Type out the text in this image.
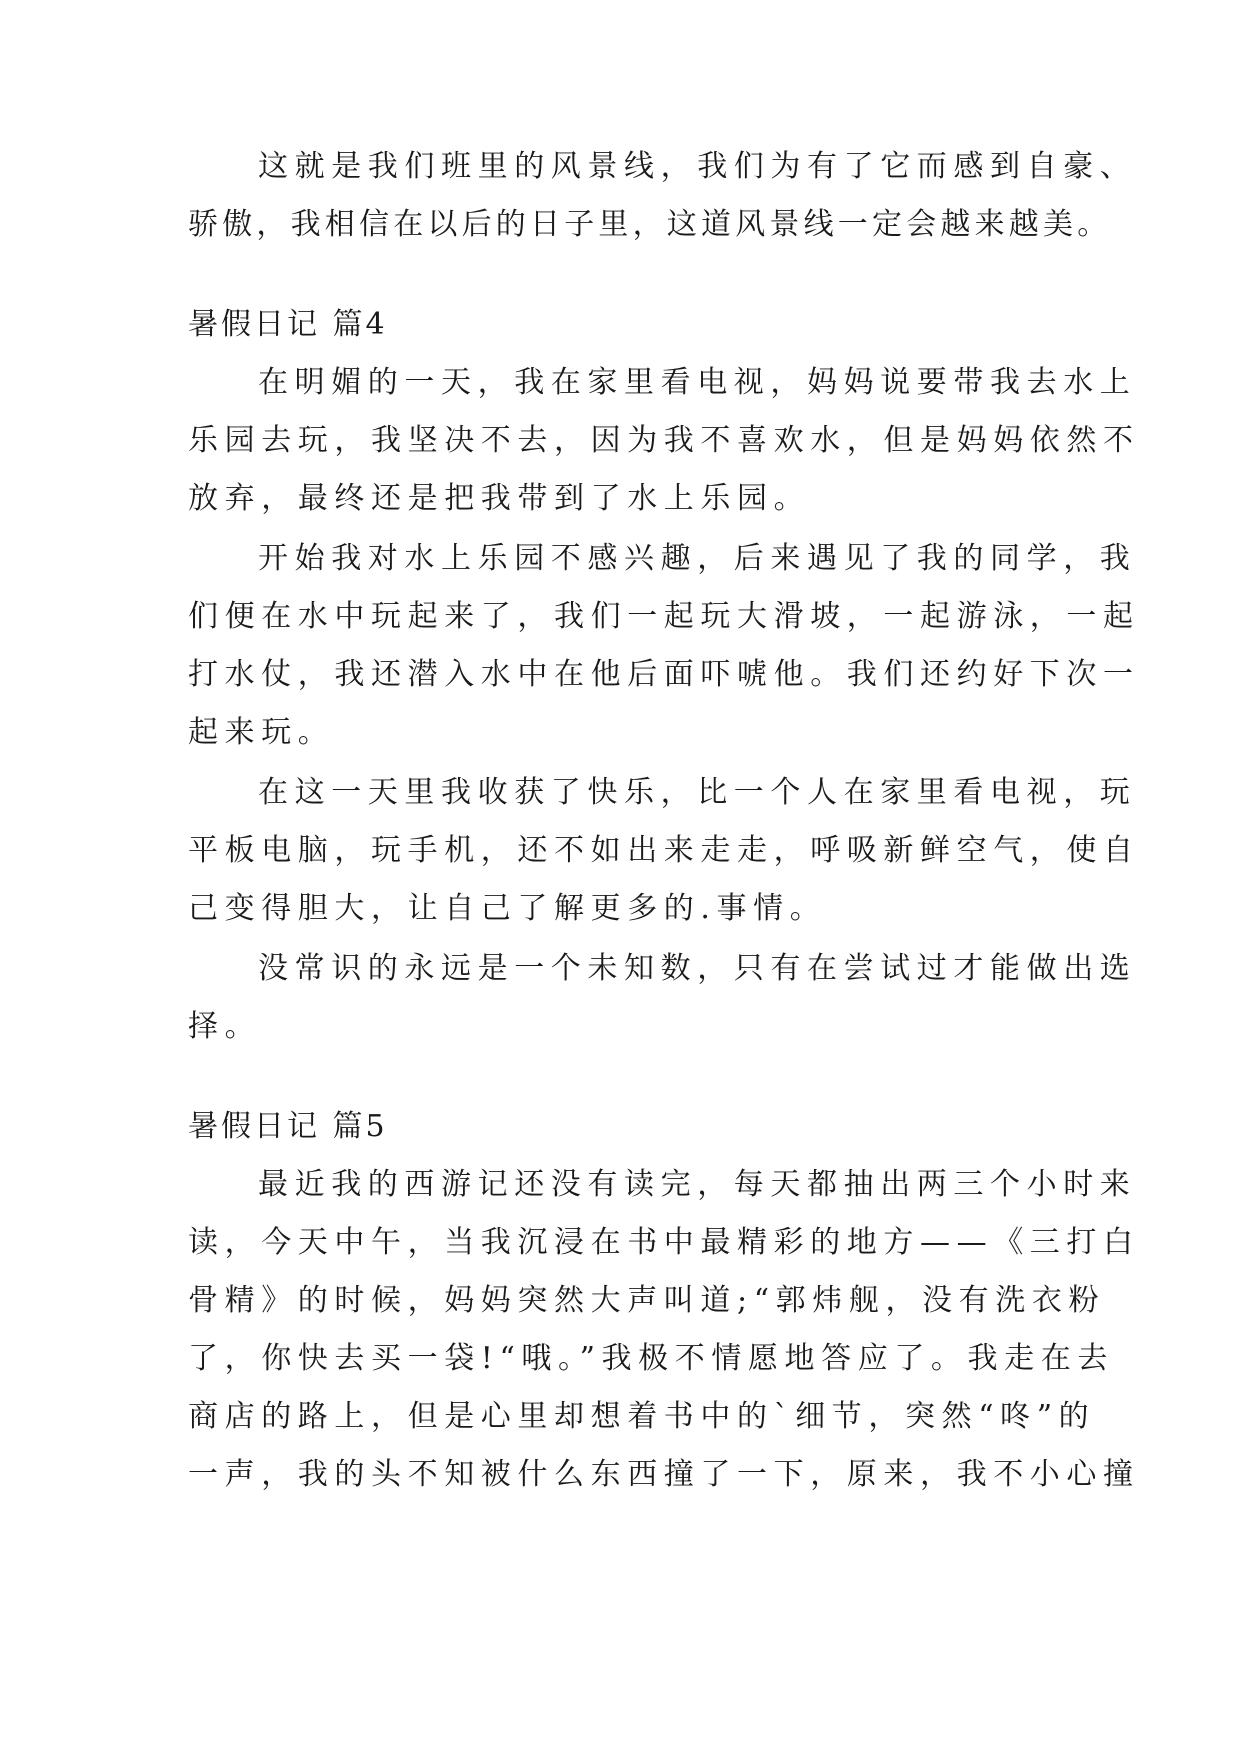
这就是我们班里的风景线，我们为有了它而感到自豪、
骄傲，我相信在以后的日子里，这道风景线一定会越来越美。
暑假日记 篇4
在明媚的一天，我在家里看电视，妈妈说要带我去水上
乐园去玩，我坚决不去，因为我不喜欢水，但是妈妈依然不
放弃，最终还是把我带到了水上乐园。
开始我对水上乐园不感兴趣，后来遇见了我的同学，我
们便在水中玩起来了，我们一起玩大滑坡，一起游泳，一起
打水仗，我还潜入水中在他后面吓唬他。我们还约好下次一
起来玩。
在这一天里我收获了快乐，比一个人在家里看电视，玩
平板电脑，玩手机，还不如出来走走，呼吸新鲜空气，使自
己变得胆大，让自己了解更多的.事情。
没常识的永远是一个未知数，只有在尝试过才能做出选
择。
暑假日记 篇5
最近我的西游记还没有读完，每天都抽出两三个小时来
读，今天中午，当我沉浸在书中最精彩的地方——《三打白
骨精》的时候，妈妈突然大声叫道;“郭炜舰，没有洗衣粉
了，你快去买一袋!“哦。”我极不情愿地答应了。我走在去
商店的路上，但是心里却想着书中的`细节，突然“咚”的
一声，我的头不知被什么东西撞了一下，原来，我不小心撞
